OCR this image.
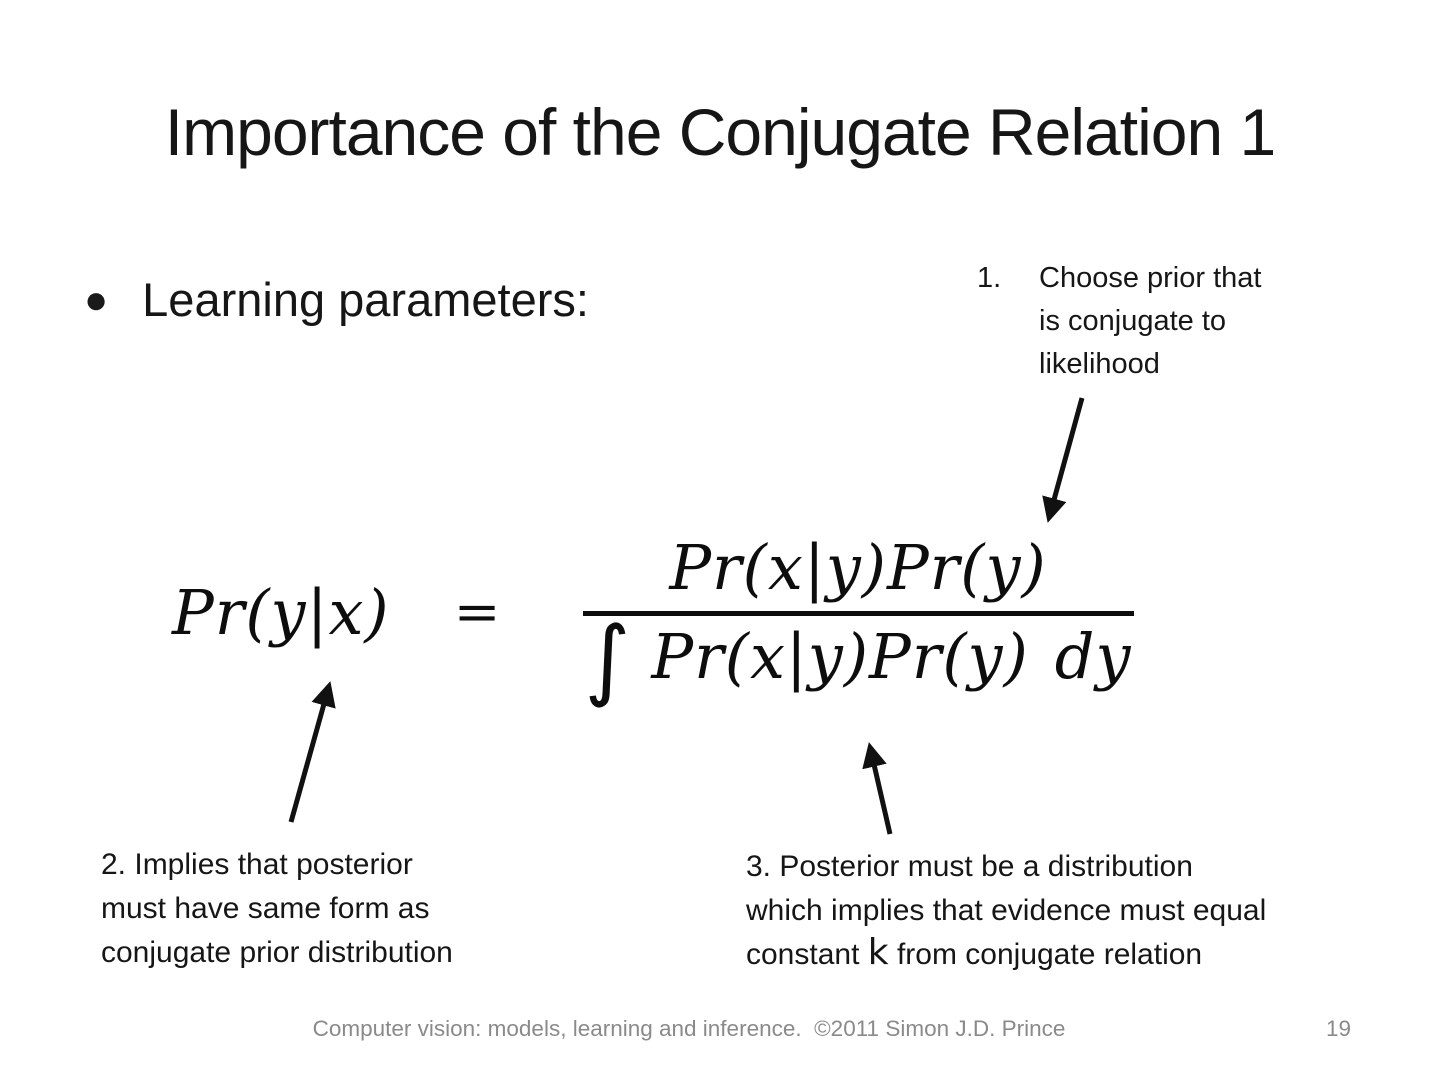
Importance of the Conjugate Relation 1
● Learning parameters:	1.	Choose prior that
is conjugate to
likelihood
$Pr(y|x) = \frac{Pr(x|y)Pr(y)}{\int Pr(x|y)Pr(y) dy}$
2. Implies that posterior
must have same form as
conjugate prior distribution
3. Posterior must be a distribution
which implies that evidence must equal
constant k from conjugate relation
Computer vision: models, learning and inference.  ©2011 Simon J.D. Prince	19
